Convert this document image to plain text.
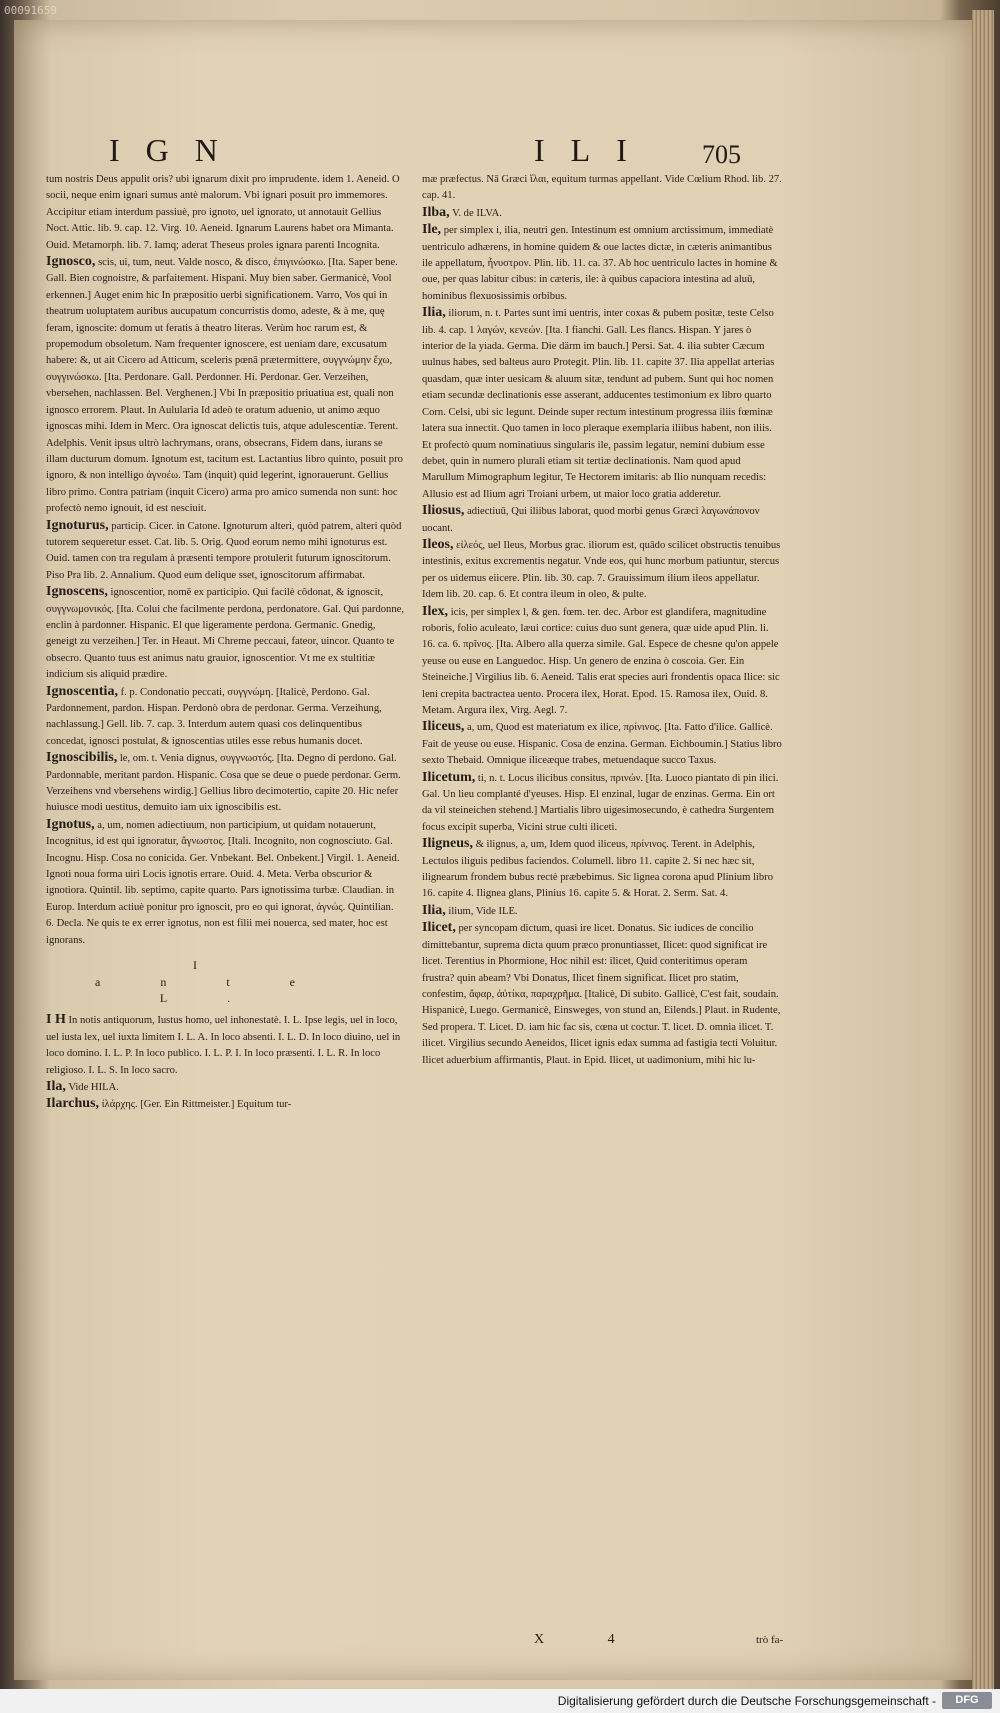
00091659
IGN	ILI 705
tum nostris Deus appulit oris? ubi ignarum dixit pro imprudente. idem 1. Aeneid. O socii, neque enim ignari sumus antè malorum. Vbi ignari posuit pro immemores. Accipitur etiam interdum passiuè, pro ignoto, uel ignorato, ut annotauit Gellius Noct. Attic. lib. 9. cap. 12. Virg. 10. Aeneid. Ignarum Laurens habet ora Mimanta. Ouid. Metamorph. lib. 7. Iamq; aderat Theseus proles ignara parenti Incognita.
Ignosco, scis, ui, tum, neut. Valde nosco, & disco, ἐπιγινώσκω. [Ita. Saper bene. Gall. Bien cognoistre, & parfaitement. Hispani. Muy bien saber. Germanicè, Vool erkennen.] Auget enim hic In præpositio uerbi significationem. Varro, Vos qui in theatrum uoluptatem auribus aucupatum concurristis domo, adeste, & à me, quę feram, ignoscite: domum ut feratis à theatro literas. Verùm hoc rarum est, & propemodum obsoletum. Nam frequenter ignoscere, est ueniam dare, excusatum habere: &, ut ait Cicero ad Atticum, sceleris pœnā prætermittere, συγγνώμην ἔχω, συγγινώσκω. [Ita. Perdonare. Gall. Perdonner. Hi. Perdonar. Ger. Verzeihen, vbersehen, nachlassen. Bel. Verghenen.] Vbi In præpositio priuatiua est, quali non ignosco errorem. Plaut. In Aulularia Id adeò te oratum aduenio, ut animo æquo ignoscas mihi. Idem in Merc. Ora ignoscat delictis tuis, atque adulescentiæ. Terent. Adelphis. Venit ipsus ultrò lachrymans, orans, obsecrans, Fidem dans, iurans se illam ducturum domum. Ignotum est, tacitum est. Lactantius libro quinto, posuit pro ignoro, & non intelligo ἀγνοέω. Tam (inquit) quid legerint, ignorauerunt. Gellius libro primo. Contra patriam (inquit Cicero) arma pro amico sumenda non sunt: hoc profectò nemo ignouit, id est nesciuit.
Ignoturus, particip. Cicer. in Catone. Ignoturum alteri, quòd patrem, alteri quòd tutorem sequeretur esset. Cat. lib. 5. Orig. Quod eorum nemo mihi ignoturus est. Ouid. tamen con tra regulam à præsenti tempore protulerit futurum ignoscitorum. Piso Pra lib. 2. Annalium. Quod eum delique sset, ignoscitorum affirmabat.
Ignoscens, ignoscentior, nomē ex participio. Qui facilè côdonat, & ignoscit, συγγνωμονικός. [Ita. Colui che facilmente perdona, perdonatore. Gal. Qui pardonne, enclin à pardonner. Hispanic. El que ligeramente perdona. Germanic. Gnedig, geneigt zu verzeihen.] Ter. in Heaut. Mi Chreme peccaui, fateor, uincor. Quanto te obsecro. Quanto tuus est animus natu grauior, ignoscentior. Vt me ex stultitiæ indicium sis aliquid prædire.
Ignoscentia, f. p. Condonatio peccati, συγγνώμη. [Italicè, Perdono. Gal. Pardonnement, pardon. Hispan. Perdonò obra de perdonar. Germa. Verzeihung, nachlassung.] Gell. lib. 7. cap. 3. Interdum autem quasi cos delinquentibus concedat, ignosci postulat, & ignoscentias utiles esse rebus humanis docet.
Ignoscibilis, le, om. t. Venia dignus, συγγνωστός. [Ita. Degno di perdono. Gal. Pardonnable, meritant pardon. Hispanic. Cosa que se deue o puede perdonar. Germ. Verzeihens vnd vbersehens wirdig.] Gellius libro decimotertio, capite 20. Hic nefer huiusce modi uestitus, demuito iam uix ignoscibilis est.
Ignotus, a, um, nomen adiectiuum, non participium, ut quidam notauerunt, Incognitus, id est qui ignoratur, ἄγνωστος. [Itali. Incognito, non cognosciuto. Gal. Incognu. Hisp. Cosa no conicida. Ger. Vnbekant. Bel. Onbekent.] Virgil. 1. Aeneid. Ignoti noua forma uiri Locis ignotis errare. Ouid. 4. Meta. Verba obscurior & ignotiora. Quintil. lib. septimo, capite quarto. Pars ignotissima turbæ. Claudian. in Europ. Interdum actiuè ponitur pro ignoscit, pro eo qui ignorat, ἀγνώς. Quintilian. 6. Decla. Ne quis te ex errer ignotus, non est filii mei nouerca, sed mater, hoc est ignorans.
I ante L.
I H In notis antiquorum, Iustus homo, uel inhonestatè. I. L. Ipse legis, uel in loco, uel iusta lex, uel iuxta limitem I. L. A. In loco absenti. I. L. D. In loco diuino, uel in loco domino. I. L. P. In loco publico. I. L. P. I. In loco præsenti. I. L. R. In loco religioso. I. L. S. In loco sacro.
Ila, Vide HILA.
Ilarchus, ἰλάρχης. [Ger. Ein Rittmeister.] Equitum tur-
mæ præfectus. Nā Græci ἴλαι, equitum turmas appellant. Vide Cœlium Rhod. lib. 27. cap. 41.
Ilba, V. de ILVA.
Ile, per simplex i, ilia, neutri gen. Intestinum est omnium arctissimum, immediatè uentriculo adhærens, in homine quidem & oue lactes dictæ, in cæteris animantibus ile appellatum, ἦνυστρον. Plin. lib. 11. ca. 37. Ab hoc uentriculo lactes in homine & oue, per quas labitur cibus: in cæteris, ile: à quibus capaciora intestina ad aluū, hominibus flexuosissimis orbibus.
Ilia, iliorum, n. t. Partes sunt imi uentris, inter coxas & pubem positæ, teste Celso lib. 4. cap. 1 λαγών, κενεών. [Ita. I fianchi. Gall. Les flancs. Hispan. Y jares ò interior de la yiada. Germa. Die därm im bauch.] Persi. Sat. 4. ilia subter Cæcum uulnus habes, sed balteus auro Protegit. Plin. lib. 11. capite 37. Ilia appellat arterias quasdam, quæ inter uesicam & aluum sitæ, tendunt ad pubem. Sunt qui hoc nomen etiam secundæ declinationis esse asserant, adducentes testimonium ex libro quarto Corn. Celsi, ubi sic legunt. Deinde super rectum intestinum progressa iliis fœminæ latera sua innectit. Quo tamen in loco pleraque exemplaria iliibus habent, non iliis. Et profectò quum nominatiuus singularis ile, passim legatur, nemini dubium esse debet, quin in numero plurali etiam sit tertiæ declinationis. Nam quod apud Marullum Mimographum legitur, Te Hectorem imitaris: ab Ilio nunquam recedis: Allusio est ad Ilium agri Troiani urbem, ut maior loco gratia adderetur.
Iliosus, adiectiuū, Qui iliibus laborat, quod morbi genus Græci λαγωνάπονον uocant.
Ileos, εἰλεός, uel Ileus, Morbus grac. iliorum est, quādo scilicet obstructis tenuibus intestinis, exitus excrementis negatur. Vnde eos, qui hunc morbum patiuntur, stercus per os uidemus eiicere. Plin. lib. 30. cap. 7. Grauissimum ilium ileos appellatur. Idem lib. 20. cap. 6. Et contra ileum in oleo, & pulte.
Ilex, icis, per simplex l, & gen. fœm. ter. dec. Arbor est glandifera, magnitudine roboris, folio aculeato, læui cortice: cuius duo sunt genera, quæ uide apud Plin. li. 16. ca. 6. πρῖνος. [Ita. Albero alla querza simile. Gal. Espece de chesne qu'on appele yeuse ou euse en Languedoc. Hisp. Un genero de enzina ò coscoia. Ger. Ein Steineiche.] Virgilius lib. 6. Aeneid. Talis erat species auri frondentis opaca Ilice: sic leni crepita bactractea uento. Procera ilex, Horat. Epod. 15. Ramosa ilex, Ouid. 8. Metam. Argura ilex, Virg. Aegl. 7.
Iliceus, a, um, Quod est materiatum ex ilice, πρίνινος. [Ita. Fatto d'ilice. Gallicè. Fait de yeuse ou euse. Hispanic. Cosa de enzina. German. Eichboumin.] Statius libro sexto Thebaid. Omnique iliceæque trabes, metuendaque succo Taxus.
Ilicetum, ti, n. t. Locus ilicibus consitus, πρινών. [Ita. Luoco piantato di pin ilici. Gal. Un lieu complanté d'yeuses. Hisp. El enzinal, lugar de enzinas. Germa. Ein ort da vil steineichen stehend.] Martialis libro uigesimosecundo, è cathedra Surgentem focus excipit superba, Vicini strue culti iliceti.
Iligneus, & ilignus, a, um, Idem quod iliceus, πρίνινος. Terent. in Adelphis, Lectulos iliguis pedibus faciendos. Columell. libro 11. capite 2. Si nec hæc sit, ilignearum frondem bubus rectè præbebimus. Sic lignea corona apud Plinium libro 16. capite 4. Ilignea glans, Plinius 16. capite 5. & Horat. 2. Serm. Sat. 4.
Ilia, ilium, Vide ILE.
Ilicet, per syncopam dictum, quasi ire licet. Donatus. Sic iudices de concilio dimittebantur, suprema dicta quum præco pronuntiasset, Ilicet: quod significat ire licet. Terentius in Phormione, Hoc nihil est: ilicet, Quid conteritimus operam frustra? quin abeam? Vbi Donatus, Ilicet finem significat. Ilicet pro statim, confestim, ἄφαρ, ἀὐτίκα, παραχρῆμα. [Italicè, Di subito. Gallicè, C'est fait, soudain. Hispanicè, Luego. Germanicè, Einsweges, von stund an, Eilends.] Plaut. in Rudente, Sed propera. T. Licet. D. iam hic fac sis, cœna ut coctur. T. licet. D. omnia ilicet. T. ilicet. Virgilius secundo Aeneidos, Ilicet ignis edax summa ad fastigia tecti Voluitur. Ilicet aduerbium affirmantis, Plaut. in Epid. Ilicet, ut uadimonium, mihi hic lu-
X 4	trò fa-
Digitalisierung gefördert durch die Deutsche Forschungsgemeinschaft -	DFG
